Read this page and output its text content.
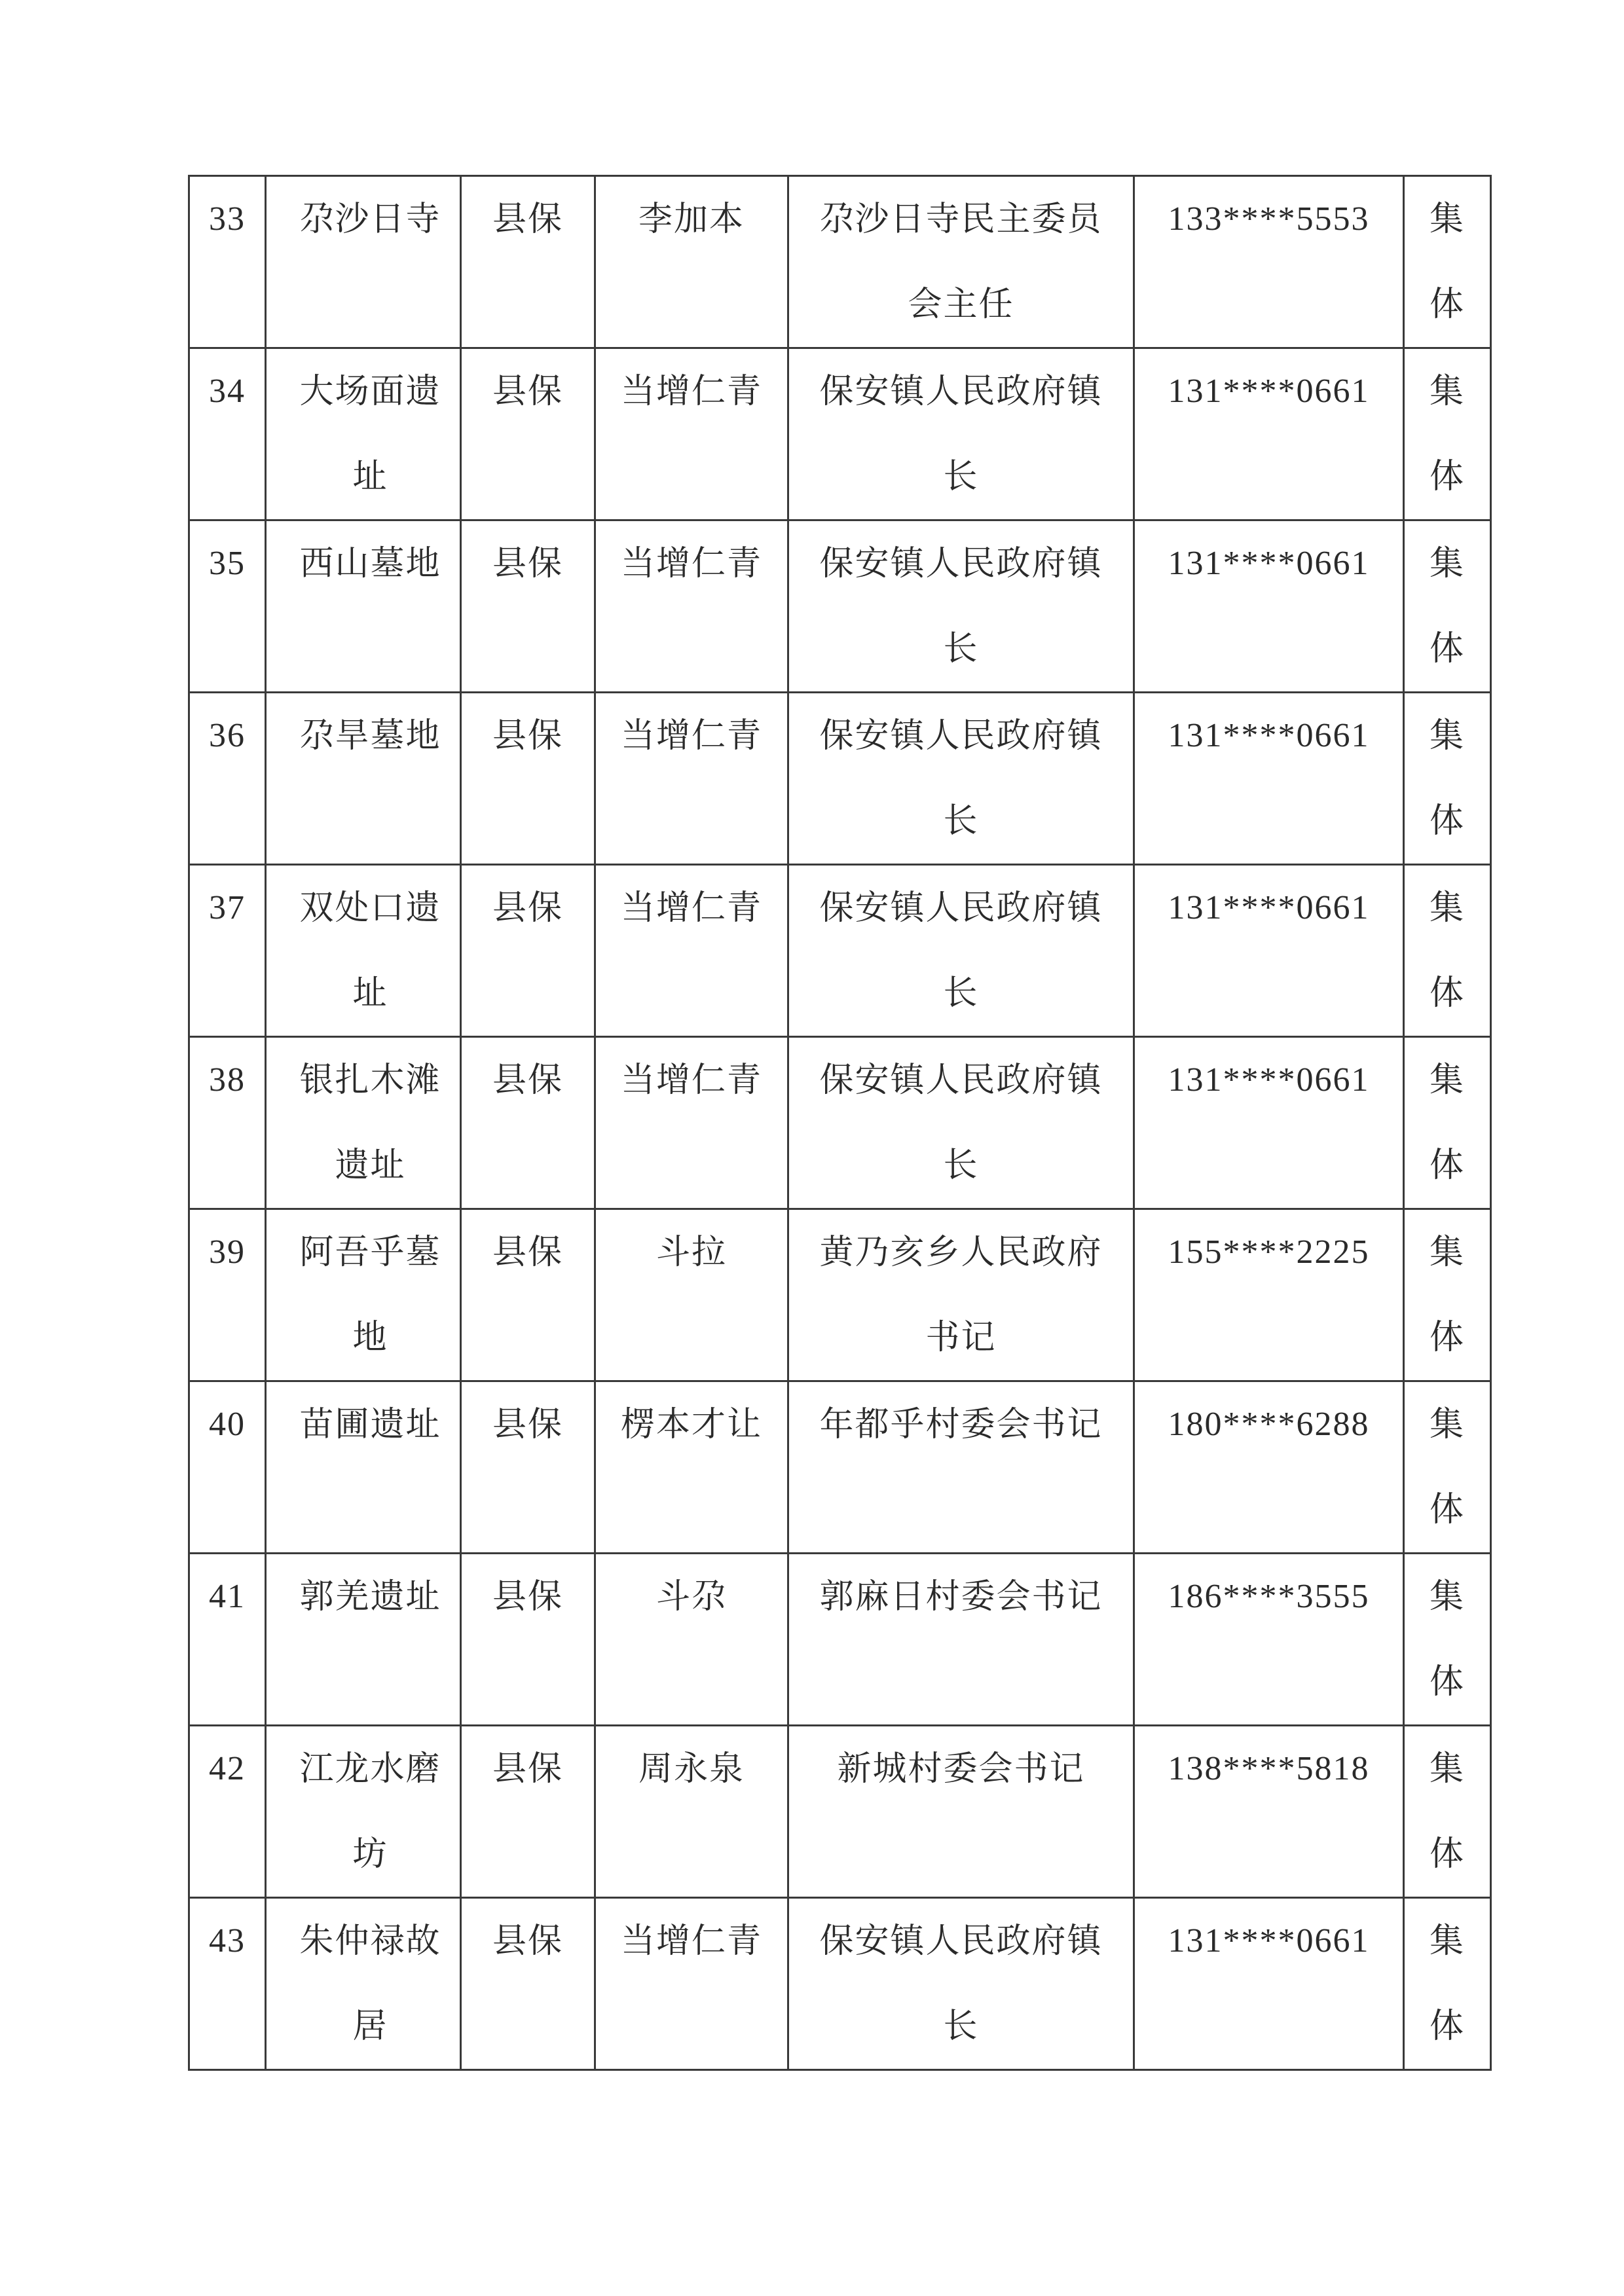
33	尕沙日寺	县保	李加本	尕沙日寺民主委员会主任	133****5553	集体
34	大场面遗址	县保	当增仁青	保安镇人民政府镇长	131****0661	集体
35	西山墓地	县保	当增仁青	保安镇人民政府镇长	131****0661	集体
36	尕旱墓地	县保	当增仁青	保安镇人民政府镇长	131****0661	集体
37	双处口遗址	县保	当增仁青	保安镇人民政府镇长	131****0661	集体
38	银扎木滩遗址	县保	当增仁青	保安镇人民政府镇长	131****0661	集体
39	阿吾乎墓地	县保	斗拉	黄乃亥乡人民政府书记	155****2225	集体
40	苗圃遗址	县保	楞本才让	年都乎村委会书记	180****6288	集体
41	郭羌遗址	县保	斗尕	郭麻日村委会书记	186****3555	集体
42	江龙水磨坊	县保	周永泉	新城村委会书记	138****5818	集体
43	朱仲禄故居	县保	当增仁青	保安镇人民政府镇长	131****0661	集体
